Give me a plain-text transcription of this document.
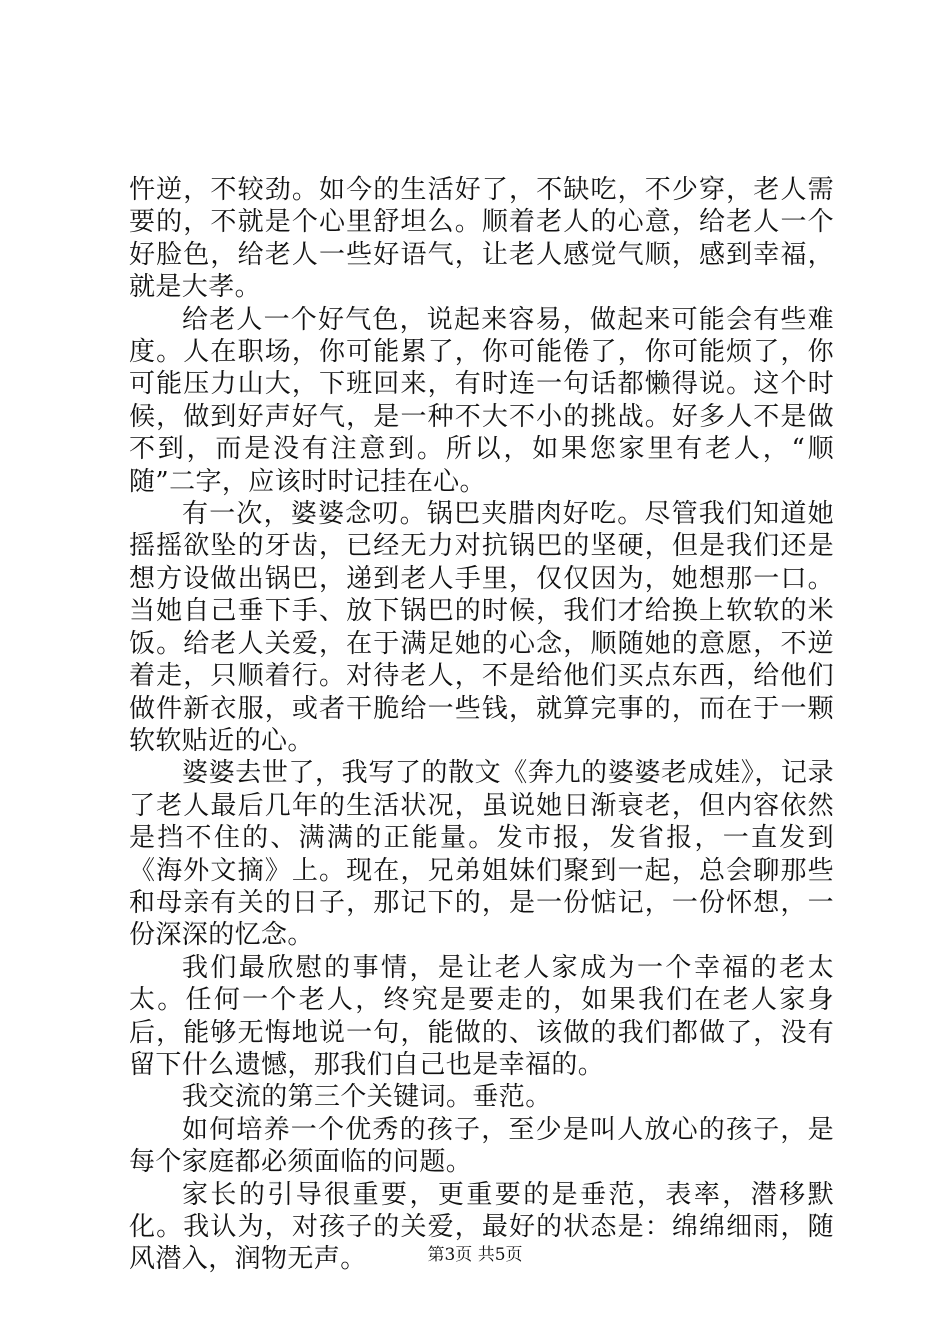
忤逆，不较劲。如今的生活好了，不缺吃，不少穿，老人需要的，不就是个心里舒坦么。顺着老人的心意，给老人一个好脸色，给老人一些好语气，让老人感觉气顺，感到幸福，就是大孝。

给老人一个好气色，说起来容易，做起来可能会有些难度。人在职场，你可能累了，你可能倦了，你可能烦了，你可能压力山大，下班回来，有时连一句话都懒得说。这个时候，做到好声好气，是一种不大不小的挑战。好多人不是做不到，而是没有注意到。所以，如果您家里有老人，“顺随”二字，应该时时记挂在心。

有一次，婆婆念叨。锅巴夹腊肉好吃。尽管我们知道她摇摇欲坠的牙齿，已经无力对抗锅巴的坚硬，但是我们还是想方设做出锅巴，递到老人手里，仅仅因为，她想那一口。当她自己垂下手、放下锅巴的时候，我们才给换上软软的米饭。给老人关爱，在于满足她的心念，顺随她的意愿，不逆着走，只顺着行。对待老人，不是给他们买点东西，给他们做件新衣服，或者干脆给一些钱，就算完事的，而在于一颗软软贴近的心。

婆婆去世了，我写了的散文《奔九的婆婆老成娃》，记录了老人最后几年的生活状况，虽说她日渐衰老，但内容依然是挡不住的、满满的正能量。发市报，发省报，一直发到《海外文摘》上。现在，兄弟姐妹们聚到一起，总会聊那些和母亲有关的日子，那记下的，是一份惦记，一份怀想，一份深深的忆念。

我们最欣慰的事情，是让老人家成为一个幸福的老太太。任何一个老人，终究是要走的，如果我们在老人家身后，能够无悔地说一句，能做的、该做的我们都做了，没有留下什么遗憾，那我们自己也是幸福的。

我交流的第三个关键词。垂范。

如何培养一个优秀的孩子，至少是叫人放心的孩子，是每个家庭都必须面临的问题。

家长的引导很重要，更重要的是垂范，表率，潜移默化。我认为，对孩子的关爱，最好的状态是：绵绵细雨，随风潜入，润物无声。	第3页 共5页
